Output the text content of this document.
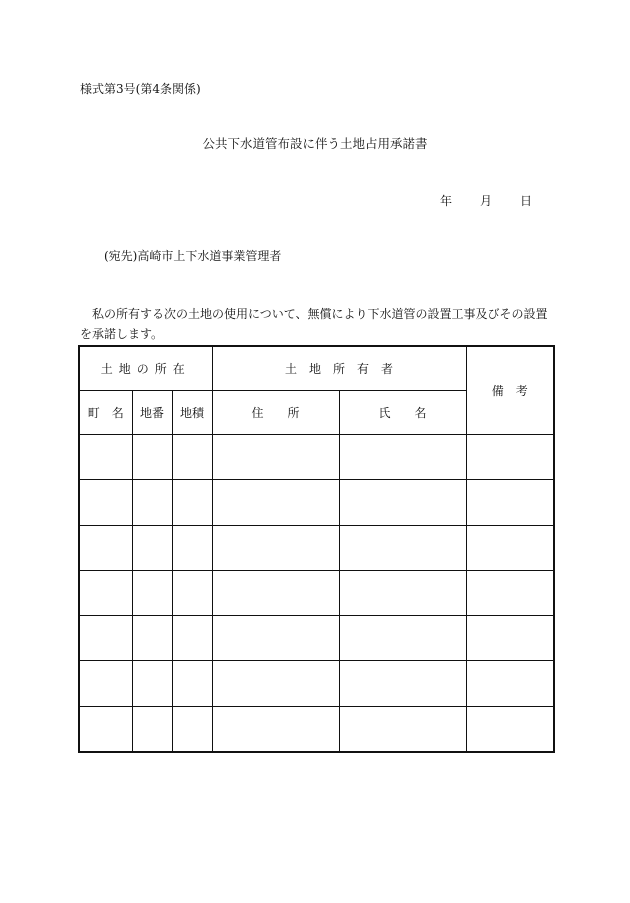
様式第3号(第4条関係)
公共下水道管布設に伴う土地占用承諾書
年 月 日
(宛先)高崎市上下水道事業管理者
　私の所有する次の土地の使用について、無償により下水道管の設置工事及びその設置を承諾します。
土地の所在			土　地　所　有　者		備　考
町　名	地番	地積	住　　所	氏　　名	
